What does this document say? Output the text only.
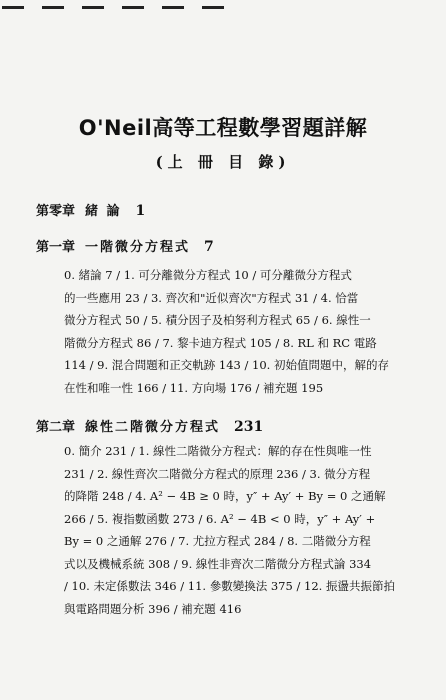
O'Neil高等工程數學習題詳解
(上 冊 目 錄)
第零章 緒 論 1
第一章 一階微分方程式 7
0. 緒論 7 / 1. 可分離微分方程式 10 / 可分離微分方程式
的一些應用 23 / 3. 齊次和"近似齊次"方程式 31 / 4. 恰當
微分方程式 50 / 5. 積分因子及柏努利方程式 65 / 6. 線性一
階微分方程式 86 / 7. 黎卡迪方程式 105 / 8. RL 和 RC 電路
114 / 9. 混合問題和正交軌跡 143 / 10. 初始值問題中，解的存
在性和唯一性 166 / 11. 方向場 176 / 補充題 195
第二章 線性二階微分方程式 231
0. 簡介 231 / 1. 線性二階微分方程式：解的存在性與唯一性
231 / 2. 線性齊次二階微分方程式的原理 236 / 3. 微分方程
的降階 248 / 4. A² − 4B ≥ 0 時，y″ + Ay′ + By = 0 之通解
266 / 5. 複指數函數 273 / 6. A² − 4B < 0 時，y″ + Ay′ +
By = 0 之通解 276 / 7. 尤拉方程式 284 / 8. 二階微分方程
式以及機械系統 308 / 9. 線性非齊次二階微分方程式論 334
/ 10. 未定係數法 346 / 11. 參數變換法 375 / 12. 振盪共振節拍
與電路問題分析 396 / 補充題 416
